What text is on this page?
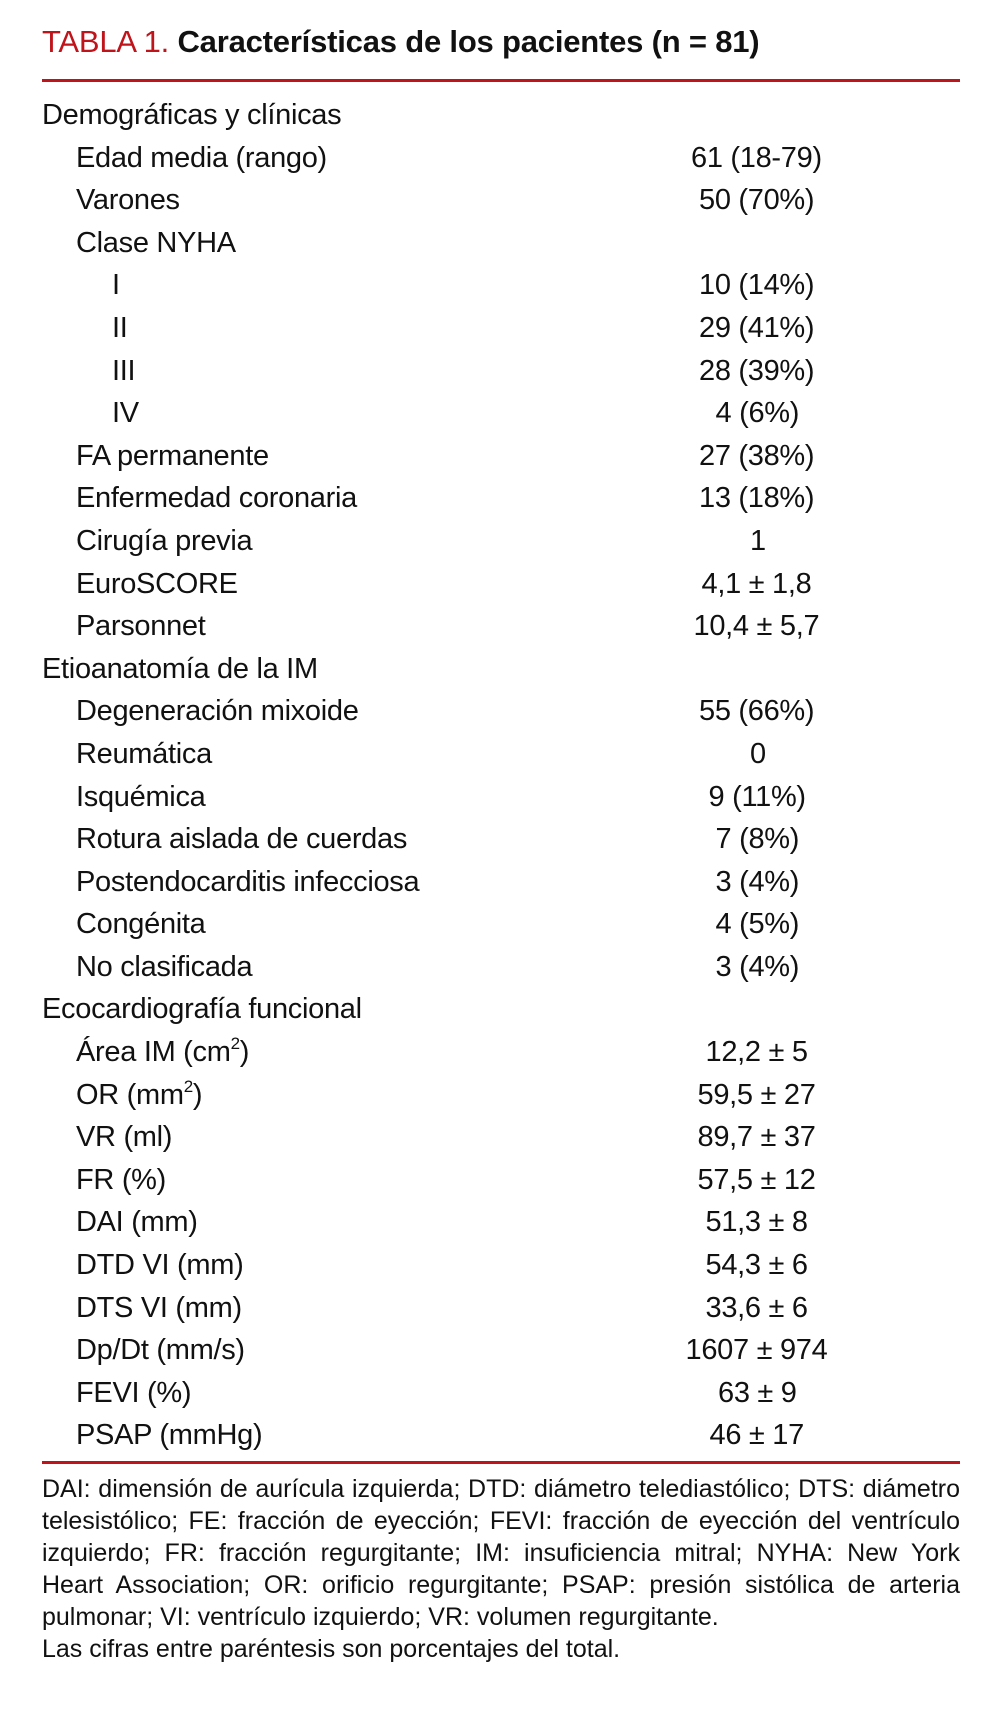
TABLA 1. Características de los pacientes (n = 81)
Demográficas y clínicas
Edad media (rango)	61 (18-79)
Varones	50 (70%)
Clase NYHA
I	10 (14%)
II	29 (41%)
III	28 (39%)
IV	4 (6%)
FA permanente	27 (38%)
Enfermedad coronaria	13 (18%)
Cirugía previa	1
EuroSCORE	4,1 ± 1,8
Parsonnet	10,4 ± 5,7
Etioanatomía de la IM
Degeneración mixoide	55 (66%)
Reumática	0
Isquémica	9 (11%)
Rotura aislada de cuerdas	7 (8%)
Postendocarditis infecciosa	3 (4%)
Congénita	4 (5%)
No clasificada	3 (4%)
Ecocardiografía funcional
Área IM $(cm^2)$	12,2 ± 5
OR $(mm^2)$	59,5 ± 27
VR (ml)	89,7 ± 37
FR (%)	57,5 ± 12
DAI (mm)	51,3 ± 8
DTD VI (mm)	54,3 ± 6
DTS VI (mm)	33,6 ± 6
Dp/Dt (mm/s)	1607 ± 974
FEVI (%)	63 ± 9
PSAP (mmHg)	46 ± 17

DAI: dimensión de aurícula izquierda; DTD: diámetro telediastólico; DTS: diámetro telesistólico; FE: fracción de eyección; FEVI: fracción de eyección del ventrículo izquierdo; FR: fracción regurgitante; IM: insuficiencia mitral; NYHA: New York Heart Association; OR: orificio regurgitante; PSAP: presión sistólica de arteria pulmonar; VI: ventrículo izquierdo; VR: volumen regurgitante.

Las cifras entre paréntesis son porcentajes del total.
